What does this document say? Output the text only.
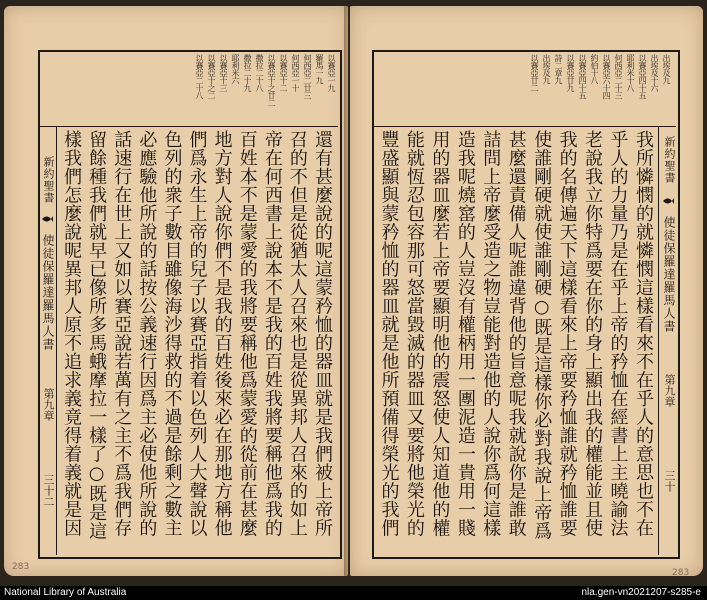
以賽亞一九
羅馬一九
何西亞二廿三
何西亞一十
以賽亞十二
以賽亞十之廿二
撒拉二十八
撒拉二十九
耶利米六
以賽亞十三
以賽亞十之二
以賽亞二十八
新約聖書
使徒保羅達羅馬人書
第九章
三十二	還有甚麼說的呢這蒙矜恤的器皿就是我們被上帝所
召的不但是從猶太人召來也是從異邦人召來的如上
帝在何西書上說本不是我的百姓我將要稱他爲我的
百姓本不是蒙愛的我將要稱他爲蒙愛的從前在甚麼
地方對人說你們不是我的百姓後來必在那地方稱他
們爲永生上帝的兒子以賽亞指着以色列人大聲說以
色列的衆子數目雖像海沙得救的不過是餘剩之數主
必應驗他所說的話按公義速行因爲主必使他所說的
話速行在世上又如以賽亞說若萬有之主不爲我們存
留餘種我們就早已像所多馬蛾摩拉一樣了○既是這
樣我們怎麼說呢異邦人原不追求義竟得着義就是因
283
出埃及九
出埃及十六
以賽亞四十五
耶利米十八
何西亞二十三
以賽亞六十四
約伯十八
以賽亞四十五
以賽亞廿九
詩二章九
出埃及九
以賽亞廿二
新約聖書
使徒保羅達羅馬人書
第九章
三十
我所憐憫的就憐憫這樣看來不在乎人的意思也不在
乎人的力量乃是在乎上帝的矜恤在經書上主曉諭法
老說我立你特爲要在你的身上顯出我的權能並且使
我的名傳遍天下這樣看來上帝要矜恤誰就矜恤誰要
使誰剛硬就使誰剛硬○既是這樣你必對我說上帝爲
甚麼還責備人呢誰違背他的旨意呢我就說你是誰敢
詰問上帝麼受造之物豈能對造他的人說你爲何這樣
造我呢燒窰的人豈沒有權柄用一團泥造一貴用一賤
用的器皿麼若上帝要顯明他的震怒使人知道他的權
能就恆忍包容那可怒當毀滅的器皿又要將他榮光的
豐盛顯與蒙矜恤的器皿就是他所預備得榮光的我們
283
National Library of Australia	nla.gen-vn2021207-s285-e
